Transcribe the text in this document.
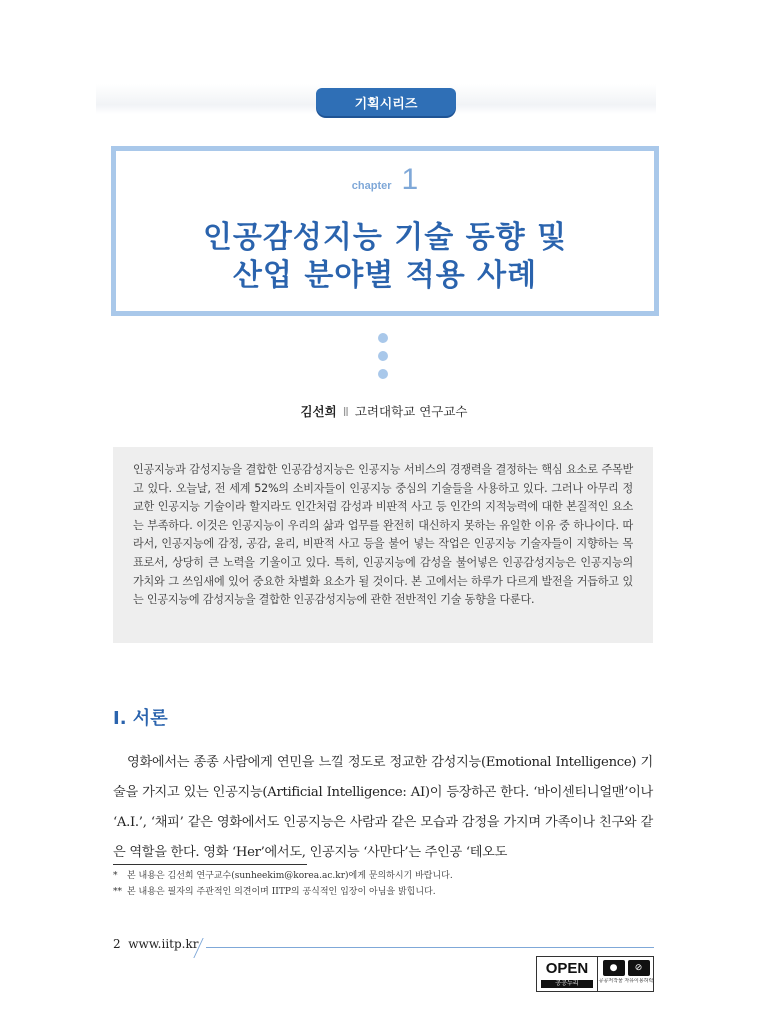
기획시리즈
chapter 1
인공감성지능 기술 동향 및
산업 분야별 적용 사례
김선희 Ⅱ 고려대학교 연구교수

인공지능과 감성지능을 결합한 인공감성지능은 인공지능 서비스의 경쟁력을 결정하는 핵심 요소로 주목받고 있다. 오늘날, 전 세계 52%의 소비자들이 인공지능 중심의 기술들을 사용하고 있다. 그러나 아무리 정교한 인공지능 기술이라 할지라도 인간처럼 감성과 비판적 사고 등 인간의 지적능력에 대한 본질적인 요소는 부족하다. 이것은 인공지능이 우리의 삶과 업무를 완전히 대신하지 못하는 유일한 이유 중 하나이다. 따라서, 인공지능에 감정, 공감, 윤리, 비판적 사고 등을 불어 넣는 작업은 인공지능 기술자들이 지향하는 목표로서, 상당히 큰 노력을 기울이고 있다. 특히, 인공지능에 감성을 불어넣은 인공감성지능은 인공지능의 가치와 그 쓰임새에 있어 중요한 차별화 요소가 될 것이다. 본 고에서는 하루가 다르게 발전을 거듭하고 있는 인공지능에 감성지능을 결합한 인공감성지능에 관한 전반적인 기술 동향을 다룬다.

I. 서론

영화에서는 종종 사람에게 연민을 느낄 정도로 정교한 감성지능(Emotional Intelligence) 기술을 가지고 있는 인공지능(Artificial Intelligence: AI)이 등장하곤 한다. ‘바이센티니얼맨’이나 ‘A.I.’, ‘채피’ 같은 영화에서도 인공지능은 사람과 같은 모습과 감정을 가지며 가족이나 친구와 같은 역할을 한다. 영화 ‘Her’에서도, 인공지능 ‘사만다’는 주인공 ‘테오도

* 본 내용은 김선희 연구교수(sunheekim@korea.ac.kr)에게 문의하시기 바랍니다.
** 본 내용은 필자의 주관적인 의견이며 IITP의 공식적인 입장이 아님을 밝힙니다.
2 www.iitp.kr
OPEN
공공누리
●	⊘
공공저작물 자유이용허락
